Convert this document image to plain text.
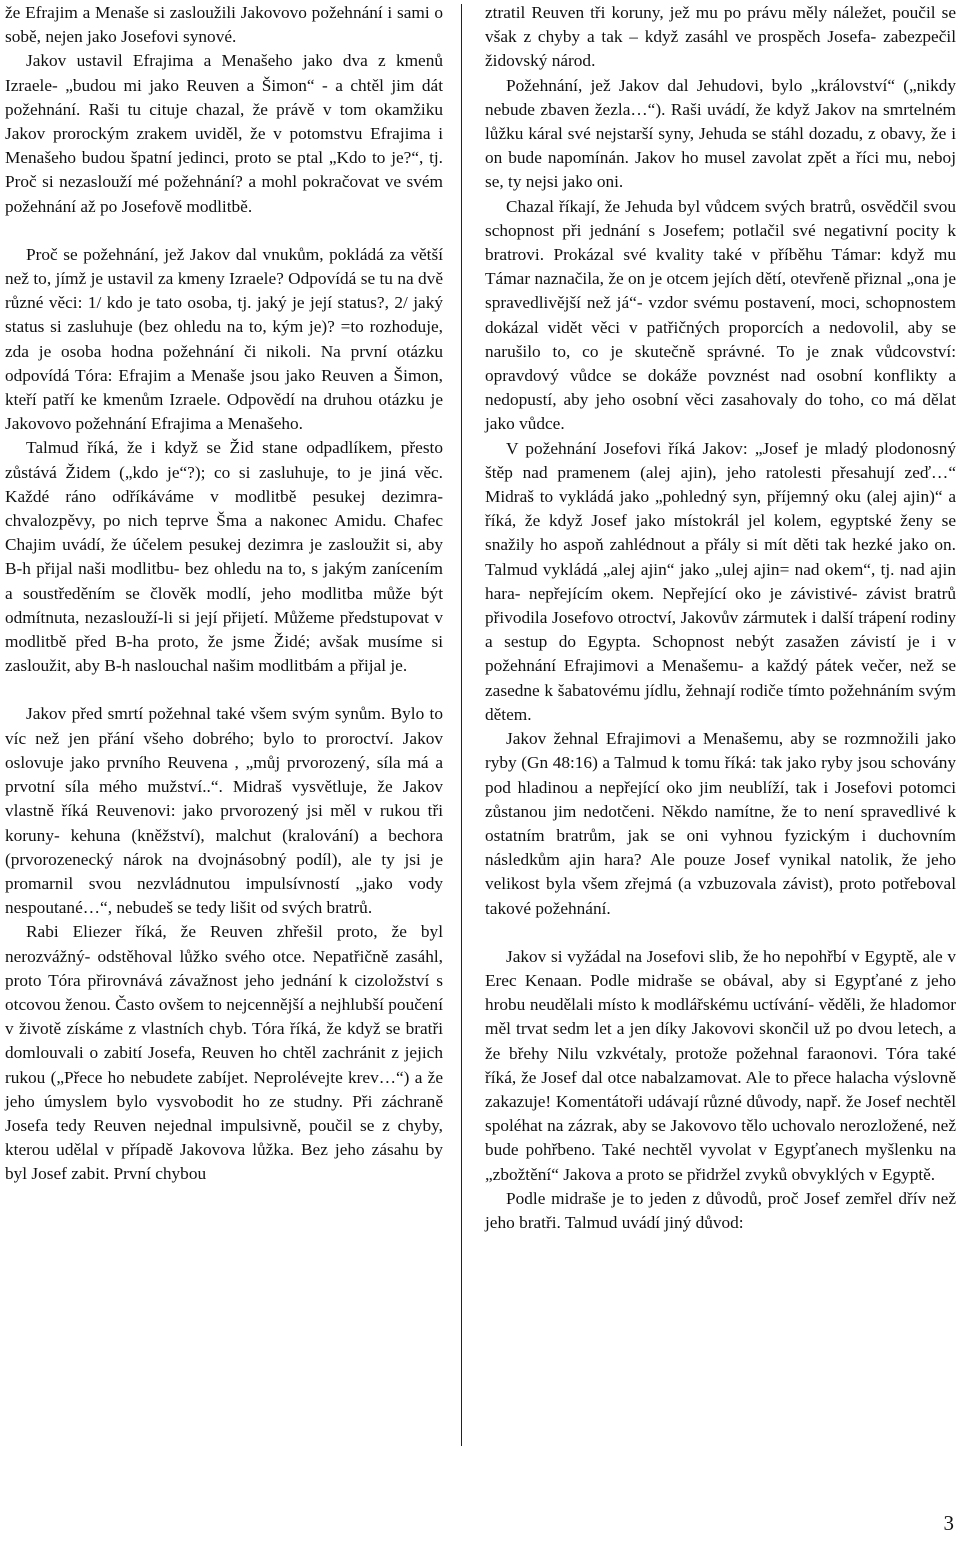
že Efrajim a Menaše si zasloužili Jakovovo požehnání i sami o sobě, nejen jako Josefovi synové.

Jakov ustavil Efrajima a Menašeho jako dva z kmenů Izraele- „budou mi jako Reuven a Šimon“ - a chtěl jim dát požehnání. Raši tu cituje chazal, že právě v tom okamžiku Jakov prorockým zrakem uviděl, že v potomstvu Efrajima i Menašeho budou špatní jedinci, proto se ptal „Kdo to je?“, tj. Proč si nezaslouží mé požehnání? a mohl pokračovat ve svém požehnání až po Josefově modlitbě.

Proč se požehnání, jež Jakov dal vnukům, pokládá za větší než to, jímž je ustavil za kmeny Izraele? Odpovídá se tu na dvě různé věci: 1/ kdo je tato osoba, tj. jaký je její status?, 2/ jaký status si zasluhuje (bez ohledu na to, kým je)? =to rozhoduje, zda je osoba hodna požehnání či nikoli. Na první otázku odpovídá Tóra: Efrajim a Menaše jsou jako Reuven a Šimon, kteří patří ke kmenům Izraele. Odpovědí na druhou otázku je Jakovovo požehnání Efrajima a Menašeho.

Talmud říká, že i když se Žid stane odpadlíkem, přesto zůstává Židem („kdo je“?); co si zasluhuje, to je jiná věc. Každé ráno odříkáváme v modlitbě pesukej dezimra- chvalozpěvy, po nich teprve Šma a nakonec Amidu. Chafec Chajim uvádí, že účelem pesukej dezimra je zasloužit si, aby B-h přijal naši modlitbu- bez ohledu na to, s jakým zanícením a soustředěním se člověk modlí, jeho modlitba může být odmítnuta, nezaslouží-li si její přijetí. Můžeme předstupovat v modlitbě před B-ha proto, že jsme Židé; avšak musíme si zasloužit, aby B-h naslouchal našim modlitbám a přijal je.

Jakov před smrtí požehnal také všem svým synům. Bylo to víc než jen přání všeho dobrého; bylo to proroctví. Jakov oslovuje jako prvního Reuvena , „můj prvorozený, síla má a prvotní síla mého mužství..“. Midraš vysvětluje, že Jakov vlastně říká Reuvenovi: jako prvorozený jsi měl v rukou tři koruny- kehuna (kněžství), malchut (kralování) a bechora (prvorozenecký nárok na dvojnásobný podíl), ale ty jsi je promarnil svou nezvládnutou impulsívností „jako vody nespoutané…“, nebudeš se tedy lišit od svých bratrů.

Rabi Eliezer říká, že Reuven zhřešil proto, že byl nerozvážný- odstěhoval lůžko svého otce. Nepatřičně zasáhl, proto Tóra přirovnává závažnost jeho jednání k cizoložství s otcovou ženou. Často ovšem to nejcennější a nejhlubší poučení v životě získáme z vlastních chyb. Tóra říká, že když se bratři domlouvali o zabití Josefa, Reuven ho chtěl zachránit z jejich rukou („Přece ho nebudete zabíjet. Neprolévejte krev…“) a že jeho úmyslem bylo vysvobodit ho ze studny. Při záchraně Josefa tedy Reuven nejednal impulsivně, poučil se z chyby, kterou udělal v případě Jakovova lůžka. Bez jeho zásahu by byl Josef zabit. První chybou

ztratil Reuven tři koruny, jež mu po právu měly náležet, poučil se však z chyby a tak – když zasáhl ve prospěch Josefa- zabezpečil židovský národ.

Požehnání, jež Jakov dal Jehudovi, bylo „království“ („nikdy nebude zbaven žezla…“). Raši uvádí, že když Jakov na smrtelném lůžku káral své nejstarší syny, Jehuda se stáhl dozadu, z obavy, že i on bude napomínán. Jakov ho musel zavolat zpět a říci mu, neboj se, ty nejsi jako oni.

Chazal říkají, že Jehuda byl vůdcem svých bratrů, osvědčil svou schopnost při jednání s Josefem; potlačil své negativní pocity k bratrovi. Prokázal své kvality také v příběhu Támar: když mu Támar naznačila, že on je otcem jejích dětí, otevřeně přiznal „ona je spravedlivější než já“- vzdor svému postavení, moci, schopnostem dokázal vidět věci v patřičných proporcích a nedovolil, aby se narušilo to, co je skutečně správné. To je znak vůdcovství: opravdový vůdce se dokáže povznést nad osobní konflikty a nedopustí, aby jeho osobní věci zasahovaly do toho, co má dělat jako vůdce.

V požehnání Josefovi říká Jakov: „Josef je mladý plodonosný štěp nad pramenem (alej ajin), jeho ratolesti přesahují zeď…“ Midraš to vykládá jako „pohledný syn, příjemný oku (alej ajin)“ a říká, že když Josef jako místokrál jel kolem, egyptské ženy se snažily ho aspoň zahlédnout a přály si mít děti tak hezké jako on. Talmud vykládá „alej ajin“ jako „ulej ajin= nad okem“, tj. nad ajin hara- nepřejícím okem. Nepřející oko je závistivé- závist bratrů přivodila Josefovo otroctví, Jakovův zármutek i další trápení rodiny a sestup do Egypta. Schopnost nebýt zasažen závistí je i v požehnání Efrajimovi a Menašemu- a každý pátek večer, než se zasedne k šabatovému jídlu, žehnají rodiče tímto požehnáním svým dětem.

Jakov žehnal Efrajimovi a Menašemu, aby se rozmnožili jako ryby (Gn 48:16) a Talmud k tomu říká: tak jako ryby jsou schovány pod hladinou a nepřející oko jim neublíží, tak i Josefovi potomci zůstanou jim nedotčeni. Někdo namítne, že to není spravedlivé k ostatním bratrům, jak se oni vyhnou fyzickým i duchovním následkům ajin hara? Ale pouze Josef vynikal natolik, že jeho velikost byla všem zřejmá (a vzbuzovala závist), proto potřeboval takové požehnání.

Jakov si vyžádal na Josefovi slib, že ho nepohřbí v Egyptě, ale v Erec Kenaan. Podle midraše se obával, aby si Egypťané z jeho hrobu neudělali místo k modlářskému uctívání- věděli, že hladomor měl trvat sedm let a jen díky Jakovovi skončil už po dvou letech, a že břehy Nilu vzkvétaly, protože požehnal faraonovi. Tóra také říká, že Josef dal otce nabalzamovat. Ale to přece halacha výslovně zakazuje! Komentátoři udávají různé důvody, např. že Josef nechtěl spoléhat na zázrak, aby se Jakovovo tělo uchovalo nerozložené, než bude pohřbeno. Také nechtěl vyvolat v Egypťanech myšlenku na „zbožtění“ Jakova a proto se přidržel zvyků obvyklých v Egyptě.

Podle midraše je to jeden z důvodů, proč Josef zemřel dřív než jeho bratři. Talmud uvádí jiný důvod:

3
